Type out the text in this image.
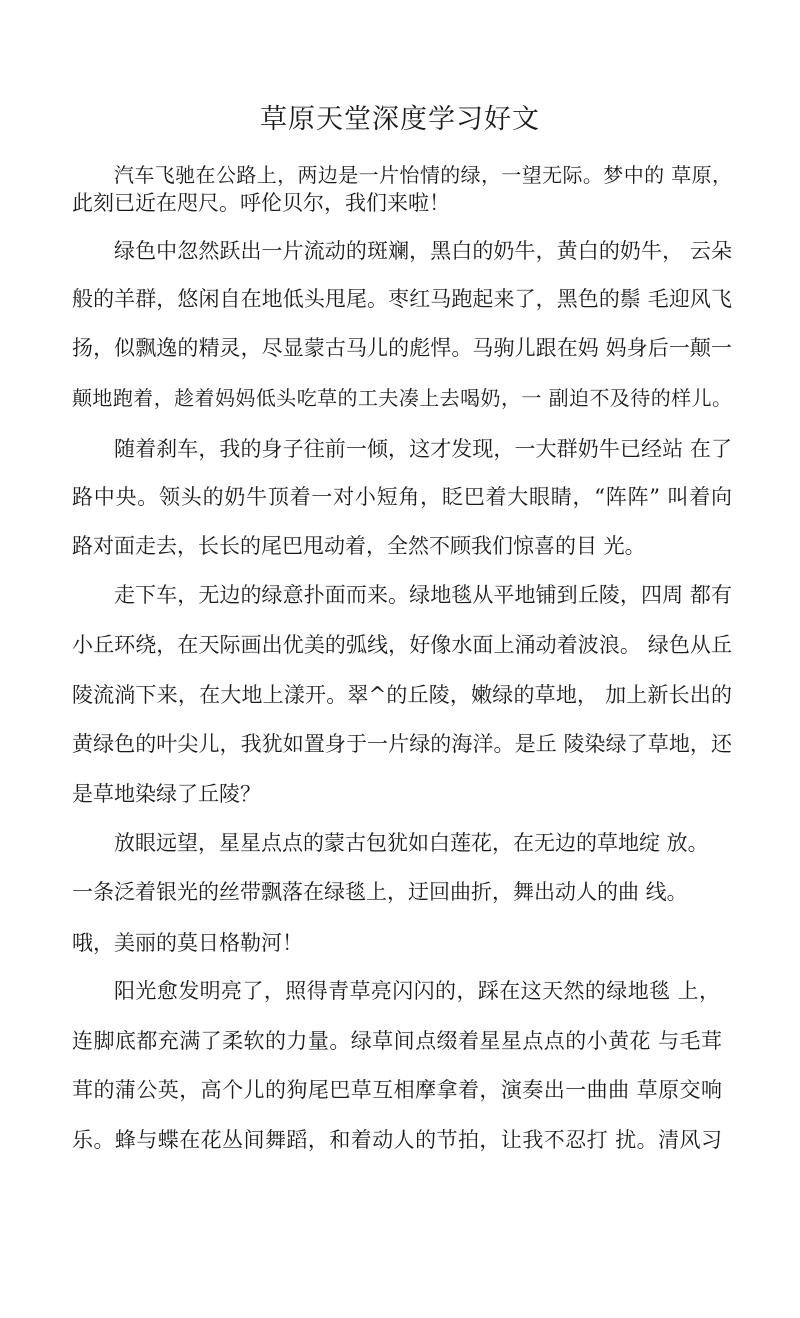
草原天堂深度学习好文

汽车飞驰在公路上，两边是一片怡情的绿，一望无际。梦中的 草原，

此刻已近在咫尺。呼伦贝尔，我们来啦！

绿色中忽然跃出一片流动的斑斓，黑白的奶牛，黄白的奶牛， 云朵

般的羊群，悠闲自在地低头甩尾。枣红马跑起来了，黑色的鬃 毛迎风飞

扬，似飘逸的精灵，尽显蒙古马儿的彪悍。马驹儿跟在妈 妈身后一颠一

颠地跑着，趁着妈妈低头吃草的工夫凑上去喝奶，一 副迫不及待的样儿。

随着刹车，我的身子往前一倾，这才发现，一大群奶牛已经站 在了

路中央。领头的奶牛顶着一对小短角，眨巴着大眼睛，“阵阵” 叫着向

路对面走去，长长的尾巴甩动着，全然不顾我们惊喜的目 光。

走下车，无边的绿意扑面而来。绿地毯从平地铺到丘陵，四周 都有

小丘环绕，在天际画出优美的弧线，好像水面上涌动着波浪。 绿色从丘

陵流淌下来，在大地上漾开。翠^的丘陵，嫩绿的草地， 加上新长出的

黄绿色的叶尖儿，我犹如置身于一片绿的海洋。是丘 陵染绿了草地，还

是草地染绿了丘陵？

放眼远望，星星点点的蒙古包犹如白莲花，在无边的草地绽 放。

一条泛着银光的丝带飘落在绿毯上，迂回曲折，舞出动人的曲 线。

哦，美丽的莫日格勒河！

阳光愈发明亮了，照得青草亮闪闪的，踩在这天然的绿地毯 上，

连脚底都充满了柔软的力量。绿草间点缀着星星点点的小黄花 与毛茸

茸的蒲公英，高个儿的狗尾巴草互相摩拿着，演奏出一曲曲 草原交响

乐。蜂与蝶在花丛间舞蹈，和着动人的节拍，让我不忍打 扰。清风习
